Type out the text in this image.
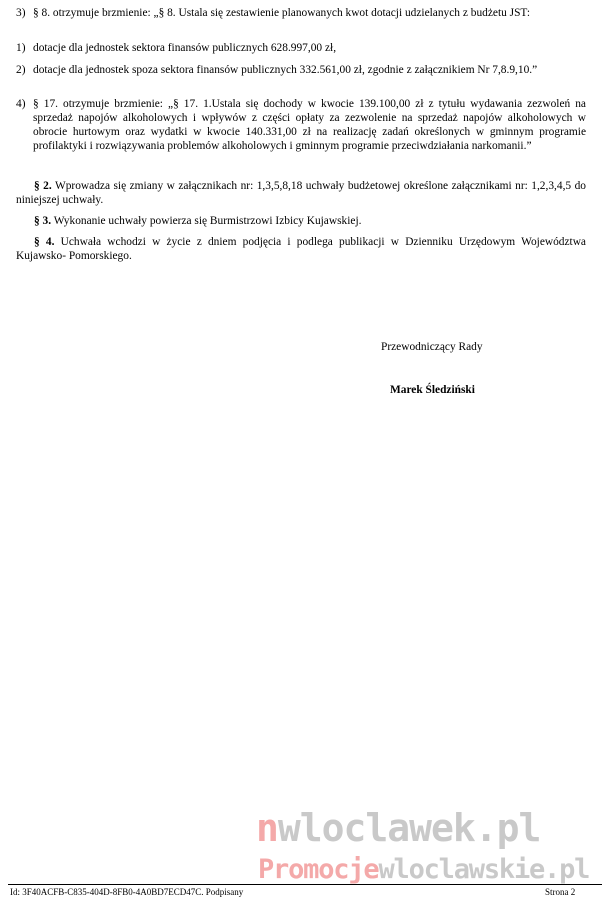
3) § 8. otrzymuje brzmienie: „§ 8. Ustala się zestawienie planowanych kwot dotacji udzielanych z budżetu JST:
1) dotacje dla jednostek sektora finansów publicznych 628.997,00 zł,
2) dotacje dla jednostek spoza sektora finansów publicznych 332.561,00 zł, zgodnie z załącznikiem Nr 7,8.9,10.”
4) § 17. otrzymuje brzmienie: „§ 17. 1.Ustala się dochody w kwocie 139.100,00 zł z tytułu wydawania zezwoleń na sprzedaż napojów alkoholowych i wpływów z części opłaty za zezwolenie na sprzedaż napojów alkoholowych w obrocie hurtowym oraz wydatki w kwocie 140.331,00 zł na realizację zadań określonych w gminnym programie profilaktyki i rozwiązywania problemów alkoholowych i gminnym programie przeciwdziałania narkomanii.”
§ 2. Wprowadza się zmiany w załącznikach nr: 1,3,5,8,18 uchwały budżetowej określone załącznikami nr: 1,2,3,4,5 do niniejszej uchwały.
§ 3. Wykonanie uchwały powierza się Burmistrzowi Izbicy Kujawskiej.
§ 4. Uchwała wchodzi w życie z dniem podjęcia i podlega publikacji w Dzienniku Urzędowym Województwa Kujawsko- Pomorskiego.
Przewodniczący Rady
Marek Śledziński
nwloclawek.pl
Promocjewloclawskie.pl
Id: 3F40ACFB-C835-404D-8FB0-4A0BD7ECD47C. Podpisany	Strona 2
